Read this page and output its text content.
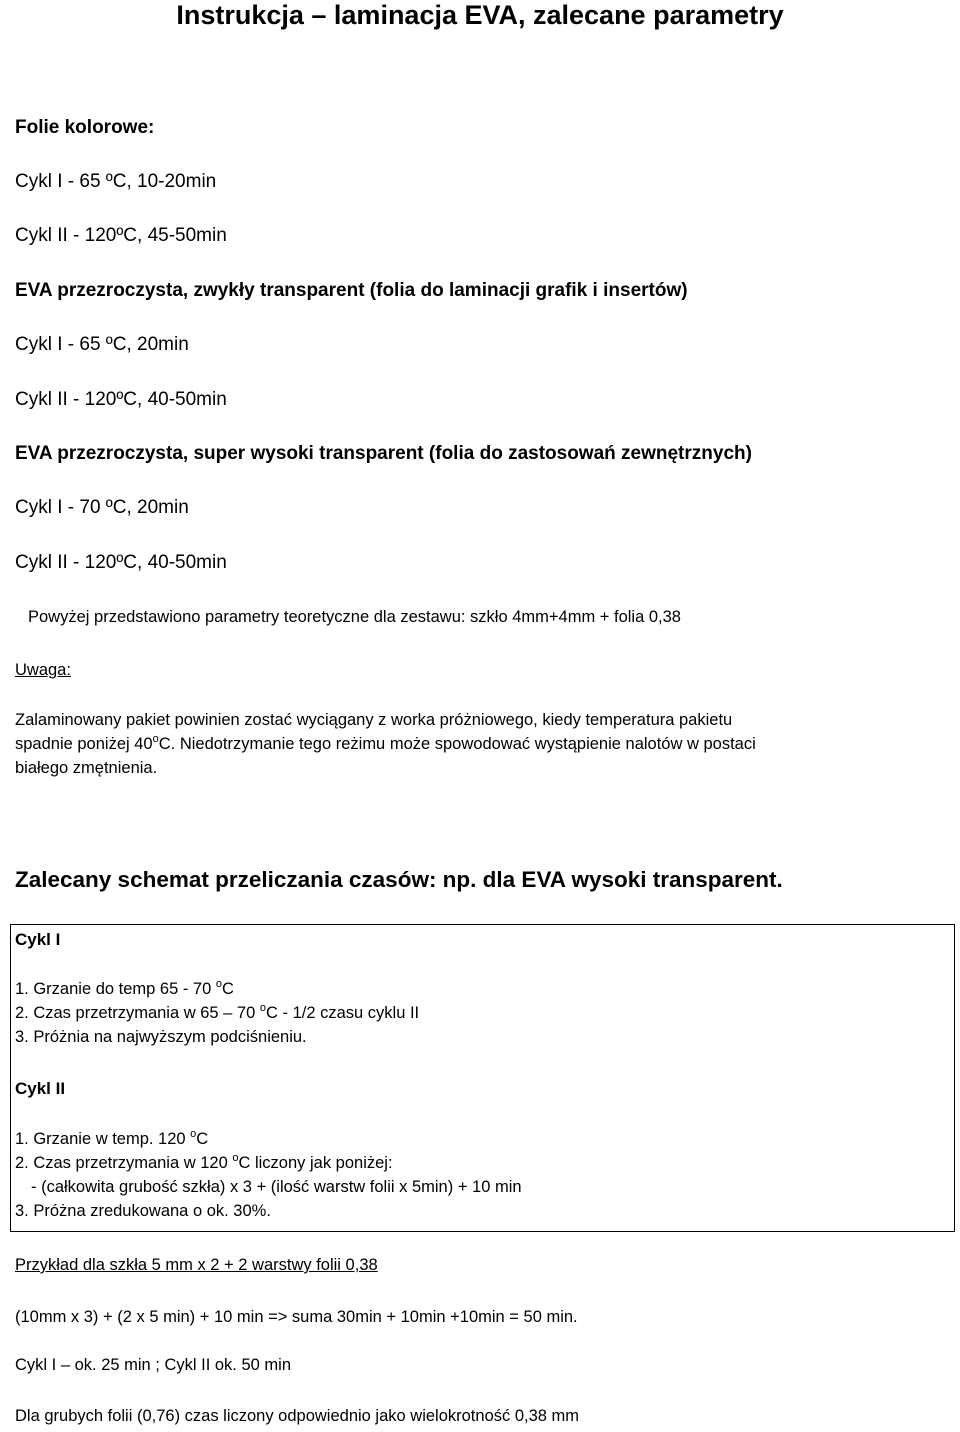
Instrukcja – laminacja EVA, zalecane parametry
Folie kolorowe:
Cykl I - 65 ºC, 10-20min
Cykl II - 120ºC, 45-50min
EVA przezroczysta, zwykły transparent (folia do laminacji grafik i insertów)
Cykl I - 65 ºC, 20min
Cykl II - 120ºC, 40-50min
EVA przezroczysta, super wysoki transparent (folia do zastosowań zewnętrznych)
Cykl I - 70 ºC, 20min
Cykl II - 120ºC, 40-50min
Powyżej przedstawiono parametry teoretyczne dla zestawu: szkło 4mm+4mm + folia 0,38
Uwaga:
Zalaminowany pakiet powinien zostać wyciągany z worka próżniowego, kiedy temperatura pakietu
spadnie poniżej 40$^o$C. Niedotrzymanie tego reżimu może spowodować wystąpienie nalotów w postaci
białego zmętnienia.
Zalecany schemat przeliczania czasów: np. dla EVA wysoki transparent.
Cykl I
1. Grzanie do temp 65 - 70 $^o$C
2. Czas przetrzymania w 65 – 70 $^o$C - 1/2 czasu cyklu II
3. Próżnia na najwyższym podciśnieniu.
Cykl II
1. Grzanie w temp. 120 $^o$C
2. Czas przetrzymania w 120 $^o$C liczony jak poniżej:
- (całkowita grubość szkła) x 3 + (ilość warstw folii x 5min) + 10 min
3. Próżna zredukowana o ok. 30%.
Przykład dla szkła 5 mm x 2 + 2 warstwy folii 0,38
(10mm x 3) + (2 x 5 min) + 10 min => suma 30min + 10min +10min = 50 min.
Cykl I – ok. 25 min ; Cykl II ok. 50 min
Dla grubych folii (0,76) czas liczony odpowiednio jako wielokrotność 0,38 mm
